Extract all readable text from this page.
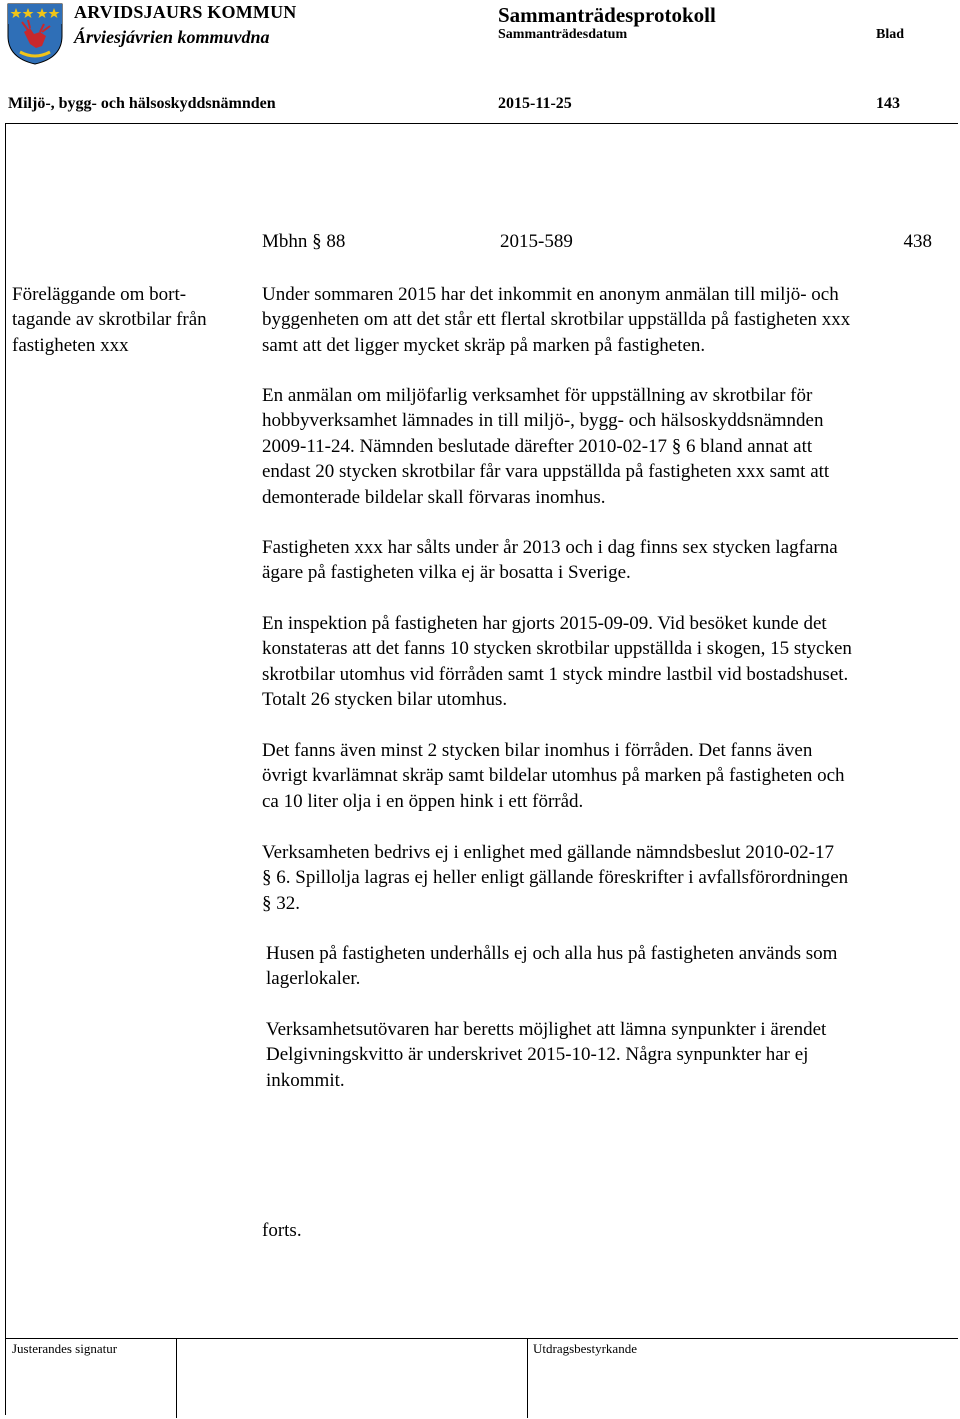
ARVIDSJAURS KOMMUN
Árviesjávrien kommuvdna
Sammanträdesprotokoll
Sammanträdesdatum	Blad
Miljö-, bygg- och hälsoskyddsnämnden	2015-11-25	143
Mbhn § 88	2015-589	438
Föreläggande om bort-
tagande av skrotbilar från
fastigheten xxx
Under sommaren 2015 har det inkommit en anonym anmälan till miljö- och
byggenheten om att det står ett flertal skrotbilar uppställda på fastigheten xxx
samt att det ligger mycket skräp på marken på fastigheten.
En anmälan om miljöfarlig verksamhet för uppställning av skrotbilar för
hobbyverksamhet lämnades in till miljö-, bygg- och hälsoskyddsnämnden
2009-11-24. Nämnden beslutade därefter 2010-02-17 § 6 bland annat att
endast 20 stycken skrotbilar får vara uppställda på fastigheten xxx samt att
demonterade bildelar skall förvaras inomhus.
Fastigheten xxx har sålts under år 2013 och i dag finns sex stycken lagfarna
ägare på fastigheten vilka ej är bosatta i Sverige.
En inspektion på fastigheten har gjorts 2015-09-09. Vid besöket kunde det
konstateras att det fanns 10 stycken skrotbilar uppställda i skogen, 15 stycken
skrotbilar utomhus vid förråden samt 1 styck mindre lastbil vid bostadshuset.
Totalt 26 stycken bilar utomhus.
Det fanns även minst 2 stycken bilar inomhus i förråden. Det fanns även
övrigt kvarlämnat skräp samt bildelar utomhus på marken på fastigheten och
ca 10 liter olja i en öppen hink i ett förråd.
Verksamheten bedrivs ej i enlighet med gällande nämndsbeslut 2010-02-17
§ 6. Spillolja lagras ej heller enligt gällande föreskrifter i avfallsförordningen
§ 32.
Husen på fastigheten underhålls ej och alla hus på fastigheten används som
lagerlokaler.
Verksamhetsutövaren har beretts möjlighet att lämna synpunkter i ärendet
Delgivningskvitto är underskrivet 2015-10-12. Några synpunkter har ej
inkommit.
forts.
Justerandes signatur	Utdragsbestyrkande
